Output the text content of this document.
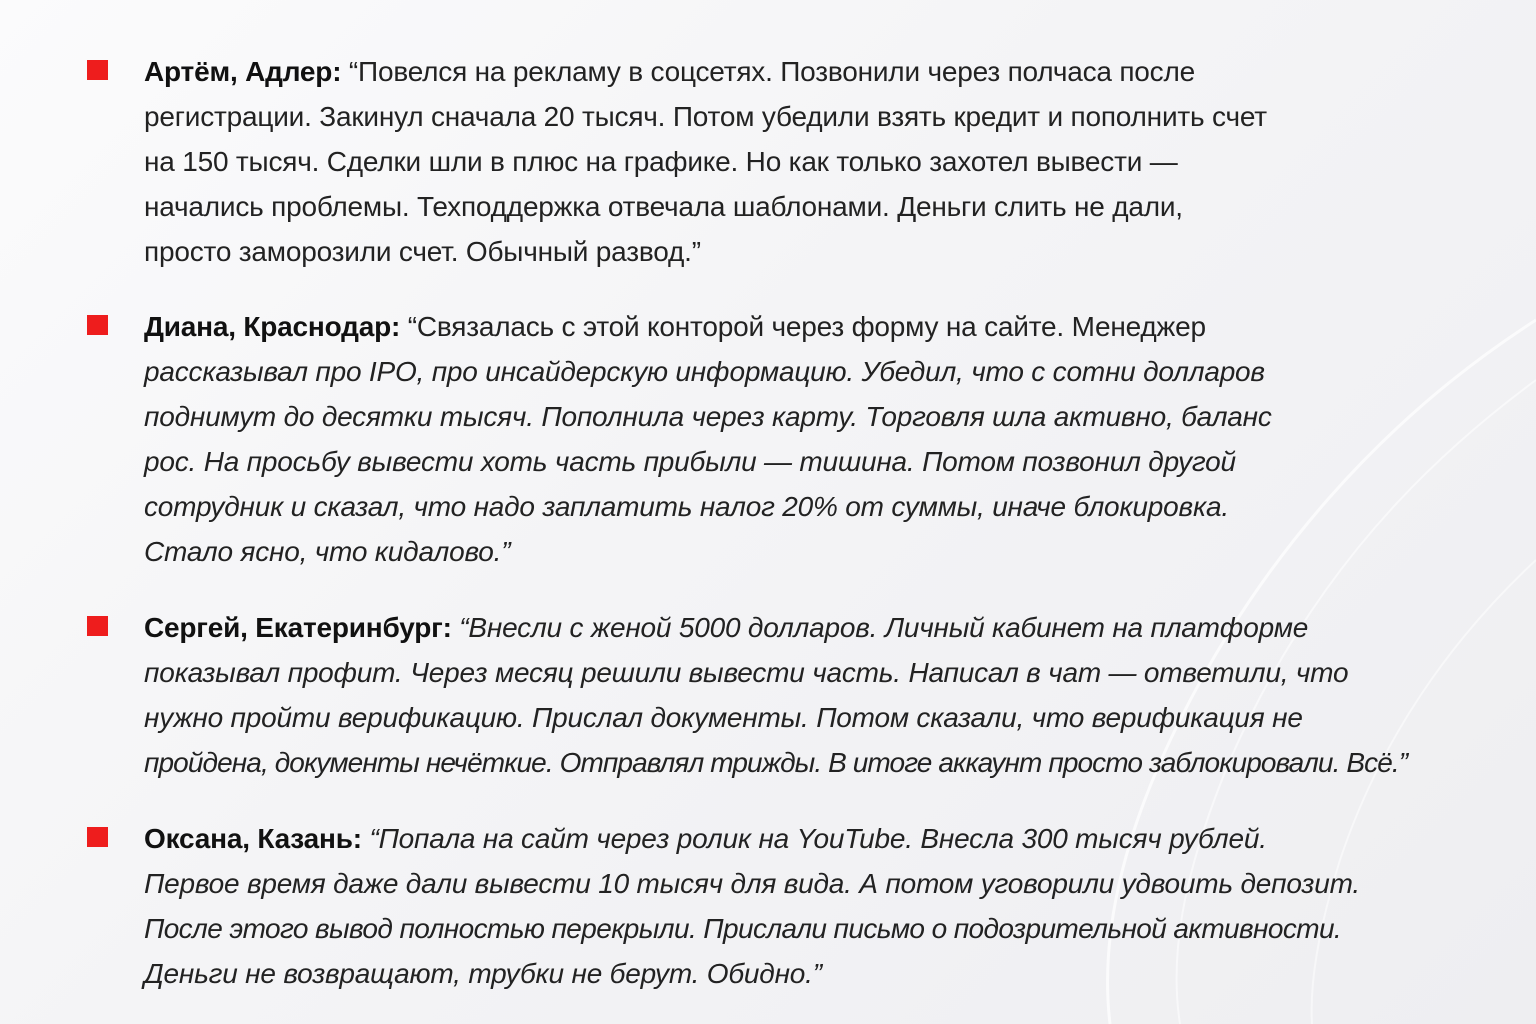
Артём, Адлер: “Повелся на рекламу в соцсетях. Позвонили через полчаса после
регистрации. Закинул сначала 20 тысяч. Потом убедили взять кредит и пополнить счет
на 150 тысяч. Сделки шли в плюс на графике. Но как только захотел вывести —
начались проблемы. Техподдержка отвечала шаблонами. Деньги слить не дали,
просто заморозили счет. Обычный развод.”
Диана, Краснодар: “Связалась с этой конторой через форму на сайте. Менеджер
рассказывал про IPO, про инсайдерскую информацию. Убедил, что с сотни долларов
поднимут до десятки тысяч. Пополнила через карту. Торговля шла активно, баланс
рос. На просьбу вывести хоть часть прибыли — тишина. Потом позвонил другой
сотрудник и сказал, что надо заплатить налог 20% от суммы, иначе блокировка.
Стало ясно, что кидалово.”
Сергей, Екатеринбург: “Внесли с женой 5000 долларов. Личный кабинет на платформе
показывал профит. Через месяц решили вывести часть. Написал в чат — ответили, что
нужно пройти верификацию. Прислал документы. Потом сказали, что верификация не
пройдена, документы нечёткие. Отправлял трижды. В итоге аккаунт просто заблокировали. Всё.”
Оксана, Казань: “Попала на сайт через ролик на YouTube. Внесла 300 тысяч рублей.
Первое время даже дали вывести 10 тысяч для вида. А потом уговорили удвоить депозит.
После этого вывод полностью перекрыли. Прислали письмо о подозрительной активности.
Деньги не возвращают, трубки не берут. Обидно.”
